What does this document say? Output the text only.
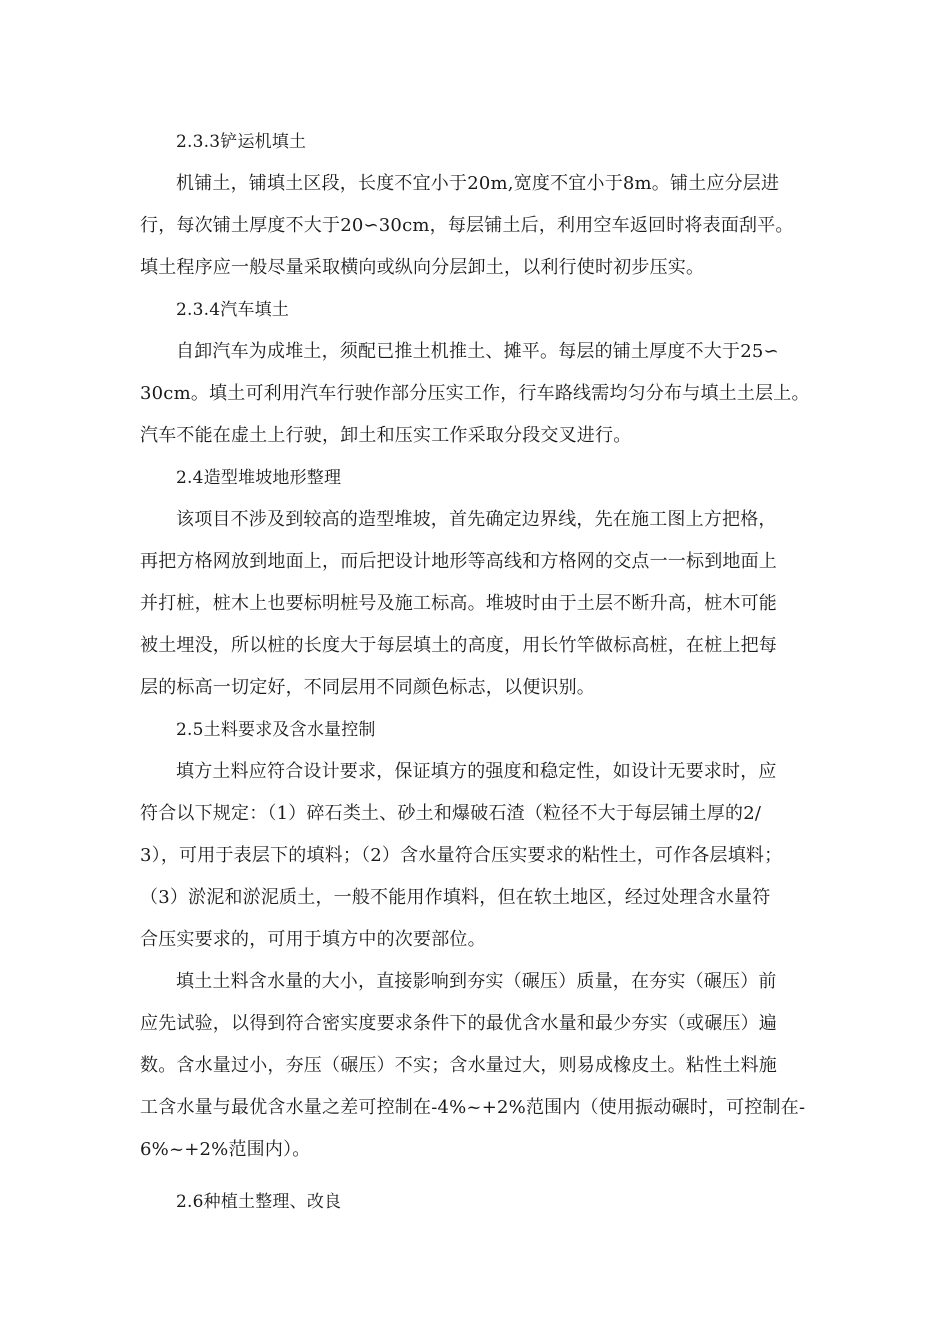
2.3.3铲运机填土
机铺土，铺填土区段，长度不宜小于20m,宽度不宜小于8m。铺土应分层进
行，每次铺土厚度不大于20∽30cm，每层铺土后，利用空车返回时将表面刮平。
填土程序应一般尽量采取横向或纵向分层卸土，以利行使时初步压实。
2.3.4汽车填土
自卸汽车为成堆土，须配已推土机推土、摊平。每层的铺土厚度不大于25∽
30cm。填土可利用汽车行驶作部分压实工作，行车路线需均匀分布与填土土层上。
汽车不能在虚土上行驶，卸土和压实工作采取分段交叉进行。
2.4造型堆坡地形整理
该项目不涉及到较高的造型堆坡，首先确定边界线，先在施工图上方把格，
再把方格网放到地面上，而后把设计地形等高线和方格网的交点一一标到地面上
并打桩，桩木上也要标明桩号及施工标高。堆坡时由于土层不断升高，桩木可能
被土埋没，所以桩的长度大于每层填土的高度，用长竹竿做标高桩，在桩上把每
层的标高一切定好，不同层用不同颜色标志，以便识别。
2.5土料要求及含水量控制
填方土料应符合设计要求，保证填方的强度和稳定性，如设计无要求时，应
符合以下规定：（1）碎石类土、砂土和爆破石渣（粒径不大于每层铺土厚的2/
3），可用于表层下的填料；（2）含水量符合压实要求的粘性土，可作各层填料；
（3）淤泥和淤泥质土，一般不能用作填料，但在软土地区，经过处理含水量符
合压实要求的，可用于填方中的次要部位。
填土土料含水量的大小，直接影响到夯实（碾压）质量，在夯实（碾压）前
应先试验，以得到符合密实度要求条件下的最优含水量和最少夯实（或碾压）遍
数。含水量过小，夯压（碾压）不实；含水量过大，则易成橡皮土。粘性土料施
工含水量与最优含水量之差可控制在-4%~+2%范围内（使用振动碾时，可控制在-
6%~+2%范围内）。
2.6种植土整理、改良
